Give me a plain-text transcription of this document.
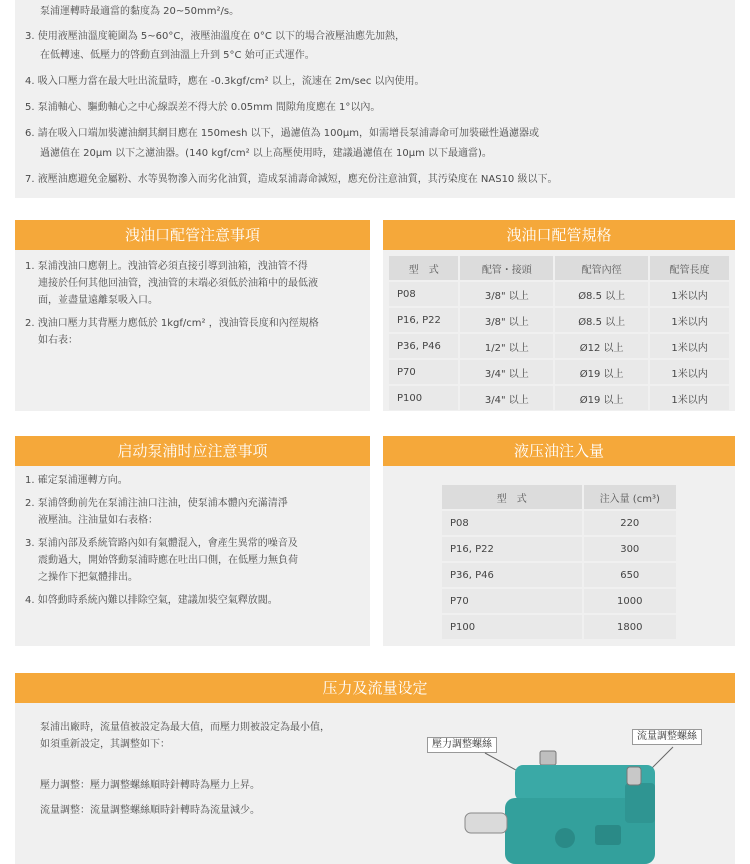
泵浦運轉時最適當的黏度為 20~50mm²/s。
3. 使用液壓油溫度範圍為 5~60°C，液壓油溫度在 0°C 以下的場合液壓油應先加熱，
在低轉速、低壓力的啓動直到油溫上升到 5°C 始可正式運作。
4. 吸入口壓力當在最大吐出流量時，應在 -0.3kgf/cm² 以上，流速在 2m/sec 以內使用。
5. 泵浦軸心、驅動軸心之中心線誤差不得大於 0.05mm 間隙角度應在 1°以內。
6. 請在吸入口端加裝濾油網其網目應在 150mesh 以下，過濾值為 100μm，如需增長泵浦壽命可加裝磁性過濾器或
過濾值在 20μm 以下之濾油器。(140 kgf/cm² 以上高壓使用時，建議過濾值在 10μm 以下最適當)。
7. 液壓油應避免金屬粉、水等異物滲入而劣化油質，造成泵浦壽命減短，應充份注意油質，其汚染度在 NAS10 級以下。
洩油口配管注意事項
1. 泵浦洩油口應朝上。洩油管必須直接引導到油箱，洩油管不得
連接於任何其他回油管，洩油管的末端必須低於油箱中的最低液
面，並盡量遠離泵吸入口。
2. 洩油口壓力其背壓力應低於 1kgf/cm² ，洩油管長度和內徑規格
如右表：
洩油口配管規格
型　式	配管・接頭	配管內徑	配管長度
P08	3/8" 以上	Ø8.5 以上	1米以内
P16, P22	3/8" 以上	Ø8.5 以上	1米以内
P36, P46	1/2" 以上	Ø12 以上	1米以内
P70	3/4" 以上	Ø19 以上	1米以内
P100	3/4" 以上	Ø19 以上	1米以内
启动泵浦时应注意事项
1. 確定泵浦運轉方向。
2. 泵浦啓動前先在泵浦注油口注油，使泵浦本體內充滿清淨
液壓油。注油量如右表格：
3. 泵浦內部及系統管路內如有氣體混入，會產生異常的噪音及
震動過大，開始啓動泵浦時應在吐出口側，在低壓力無負荷
之操作下把氣體排出。
4. 如啓動時系統內難以排除空氣，建議加裝空氣釋放閥。
液压油注入量
型　式	注入量 (cm³)
P08	220
P16, P22	300
P36, P46	650
P70	1000
P100	1800
压力及流量设定
泵浦出廠時，流量值被設定為最大值，而壓力則被設定為最小值，
如須重新設定，其調整如下：
壓力調整：壓力調整螺絲順時針轉時為壓力上昇。
流量調整：流量調整螺絲順時針轉時為流量減少。
壓力調整螺絲
流量調整螺絲
